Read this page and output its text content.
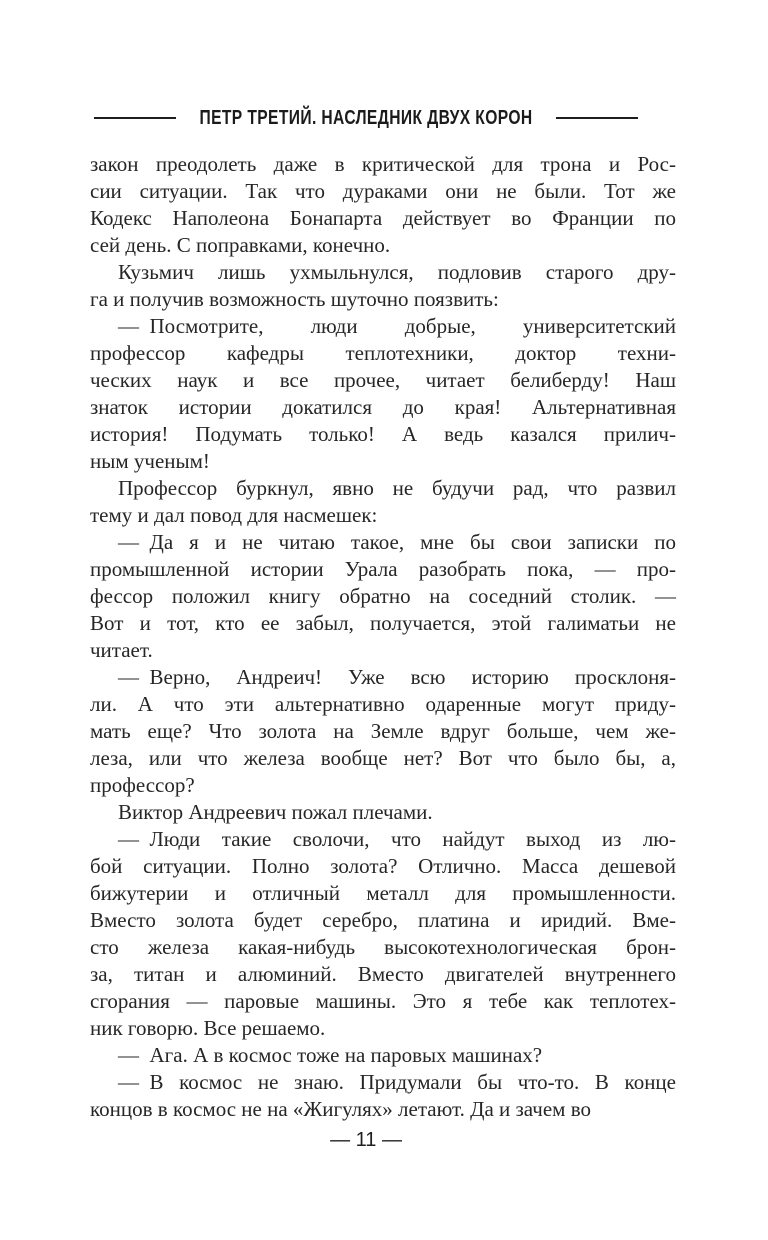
ПЕТР ТРЕТИЙ. НАСЛЕДНИК ДВУХ КОРОН
закон преодолеть даже в критической для трона и Рос-
сии ситуации. Так что дураками они не были. Тот же
Кодекс Наполеона Бонапарта действует во Франции по
сей день. С поправками, конечно.
Кузьмич лишь ухмыльнулся, подловив старого дру-
га и получив возможность шуточно поязвить:
— Посмотрите, люди добрые, университетский
профессор кафедры теплотехники, доктор техни-
ческих наук и все прочее, читает белиберду! Наш
знаток истории докатился до края! Альтернативная
история! Подумать только! А ведь казался прилич-
ным ученым!
Профессор буркнул, явно не будучи рад, что развил
тему и дал повод для насмешек:
— Да я и не читаю такое, мне бы свои записки по
промышленной истории Урала разобрать пока, — про-
фессор положил книгу обратно на соседний столик. —
Вот и тот, кто ее забыл, получается, этой галиматьи не
читает.
— Верно, Андреич! Уже всю историю просклоня-
ли. А что эти альтернативно одаренные могут приду-
мать еще? Что золота на Земле вдруг больше, чем же-
леза, или что железа вообще нет? Вот что было бы, а,
профессор?
Виктор Андреевич пожал плечами.
— Люди такие сволочи, что найдут выход из лю-
бой ситуации. Полно золота? Отлично. Масса дешевой
бижутерии и отличный металл для промышленности.
Вместо золота будет серебро, платина и иридий. Вме-
сто железа какая-нибудь высокотехнологическая брон-
за, титан и алюминий. Вместо двигателей внутреннего
сгорания — паровые машины. Это я тебе как теплотех-
ник говорю. Все решаемо.
— Ага. А в космос тоже на паровых машинах?
— В космос не знаю. Придумали бы что-то. В конце
концов в космос не на «Жигулях» летают. Да и зачем во
— 11 —
